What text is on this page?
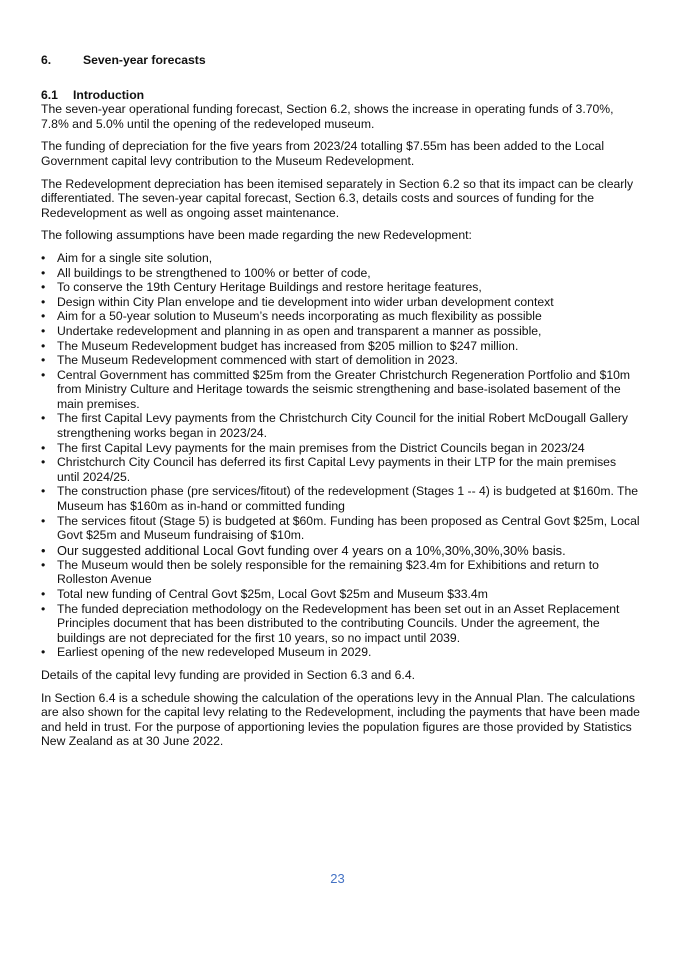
6.	Seven-year forecasts
6.1	Introduction

The seven-year operational funding forecast, Section 6.2, shows the increase in operating funds of 3.70%, 7.8% and 5.0% until the opening of the redeveloped museum.

The funding of depreciation for the five years from 2023/24 totalling $7.55m has been added to the Local Government capital levy contribution to the Museum Redevelopment.

The Redevelopment depreciation has been itemised separately in Section 6.2 so that its impact can be clearly differentiated. The seven-year capital forecast, Section 6.3, details costs and sources of funding for the Redevelopment as well as ongoing asset maintenance.

The following assumptions have been made regarding the new Redevelopment:

• Aim for a single site solution,
• All buildings to be strengthened to 100% or better of code,
• To conserve the 19th Century Heritage Buildings and restore heritage features,
• Design within City Plan envelope and tie development into wider urban development context
• Aim for a 50-year solution to Museum’s needs incorporating as much flexibility as possible
• Undertake redevelopment and planning in as open and transparent a manner as possible,
• The Museum Redevelopment budget has increased from $205 million to $247 million.
• The Museum Redevelopment commenced with start of demolition in 2023.
• Central Government has committed $25m from the Greater Christchurch Regeneration Portfolio and $10m from Ministry Culture and Heritage towards the seismic strengthening and base-isolated basement of the main premises.
• The first Capital Levy payments from the Christchurch City Council for the initial Robert McDougall Gallery strengthening works began in 2023/24.
• The first Capital Levy payments for the main premises from the District Councils began in 2023/24
• Christchurch City Council has deferred its first Capital Levy payments in their LTP for the main premises until 2024/25.
• The construction phase (pre services/fitout) of the redevelopment (Stages 1 -- 4) is budgeted at $160m. The Museum has $160m as in-hand or committed funding
• The services fitout (Stage 5) is budgeted at $60m. Funding has been proposed as Central Govt $25m, Local Govt $25m and Museum fundraising of $10m.
• Our suggested additional Local Govt funding over 4 years on a 10%,30%,30%,30% basis.
• The Museum would then be solely responsible for the remaining $23.4m for Exhibitions and return to Rolleston Avenue
• Total new funding of Central Govt $25m, Local Govt $25m and Museum $33.4m
• The funded depreciation methodology on the Redevelopment has been set out in an Asset Replacement Principles document that has been distributed to the contributing Councils. Under the agreement, the buildings are not depreciated for the first 10 years, so no impact until 2039.
• Earliest opening of the new redeveloped Museum in 2029.

Details of the capital levy funding are provided in Section 6.3 and 6.4.

In Section 6.4 is a schedule showing the calculation of the operations levy in the Annual Plan. The calculations are also shown for the capital levy relating to the Redevelopment, including the payments that have been made and held in trust. For the purpose of apportioning levies the population figures are those provided by Statistics New Zealand as at 30 June 2022.

23
